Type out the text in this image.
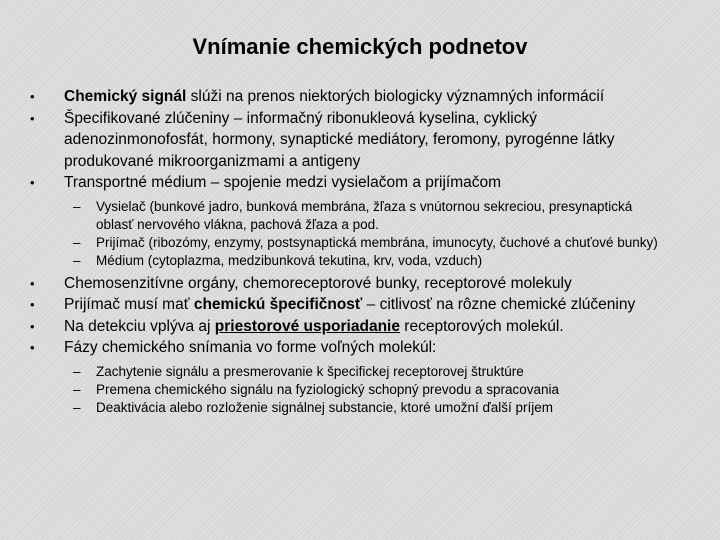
Vnímanie chemických podnetov
• Chemický signál slúži na prenos niektorých biologicky významných informácií
• Špecifikované zlúčeniny – informačný ribonukleová kyselina, cyklický adenozinmonofosfát, hormony, synaptické mediátory, feromony, pyrogénne látky produkované mikroorganizmami a antigeny
• Transportné médium – spojenie medzi vysielačom a prijímačom
– Vysielač (bunkové jadro, bunková membrána, žľaza s vnútornou sekreciou, presynaptická oblasť nervového vlákna, pachová žľaza a pod.
– Prijímač (ribozómy, enzymy, postsynaptická membrána, imunocyty, čuchové a chuťové bunky)
– Médium (cytoplazma, medzibunková tekutina, krv, voda, vzduch)
• Chemosenzitívne orgány, chemoreceptorové bunky, receptorové molekuly
• Prijímač musí mať chemickú špecifičnosť – citlivosť na rôzne chemické zlúčeniny
• Na detekciu vplýva aj priestorové usporiadanie receptorových molekúl.
• Fázy chemického snímania vo forme voľných molekúl:
– Zachytenie signálu a presmerovanie k špecifickej receptorovej štruktúre
– Premena chemického signálu na fyziologický schopný prevodu a spracovania
– Deaktivácia alebo rozloženie signálnej substancie, ktoré umožní ďalší príjem
